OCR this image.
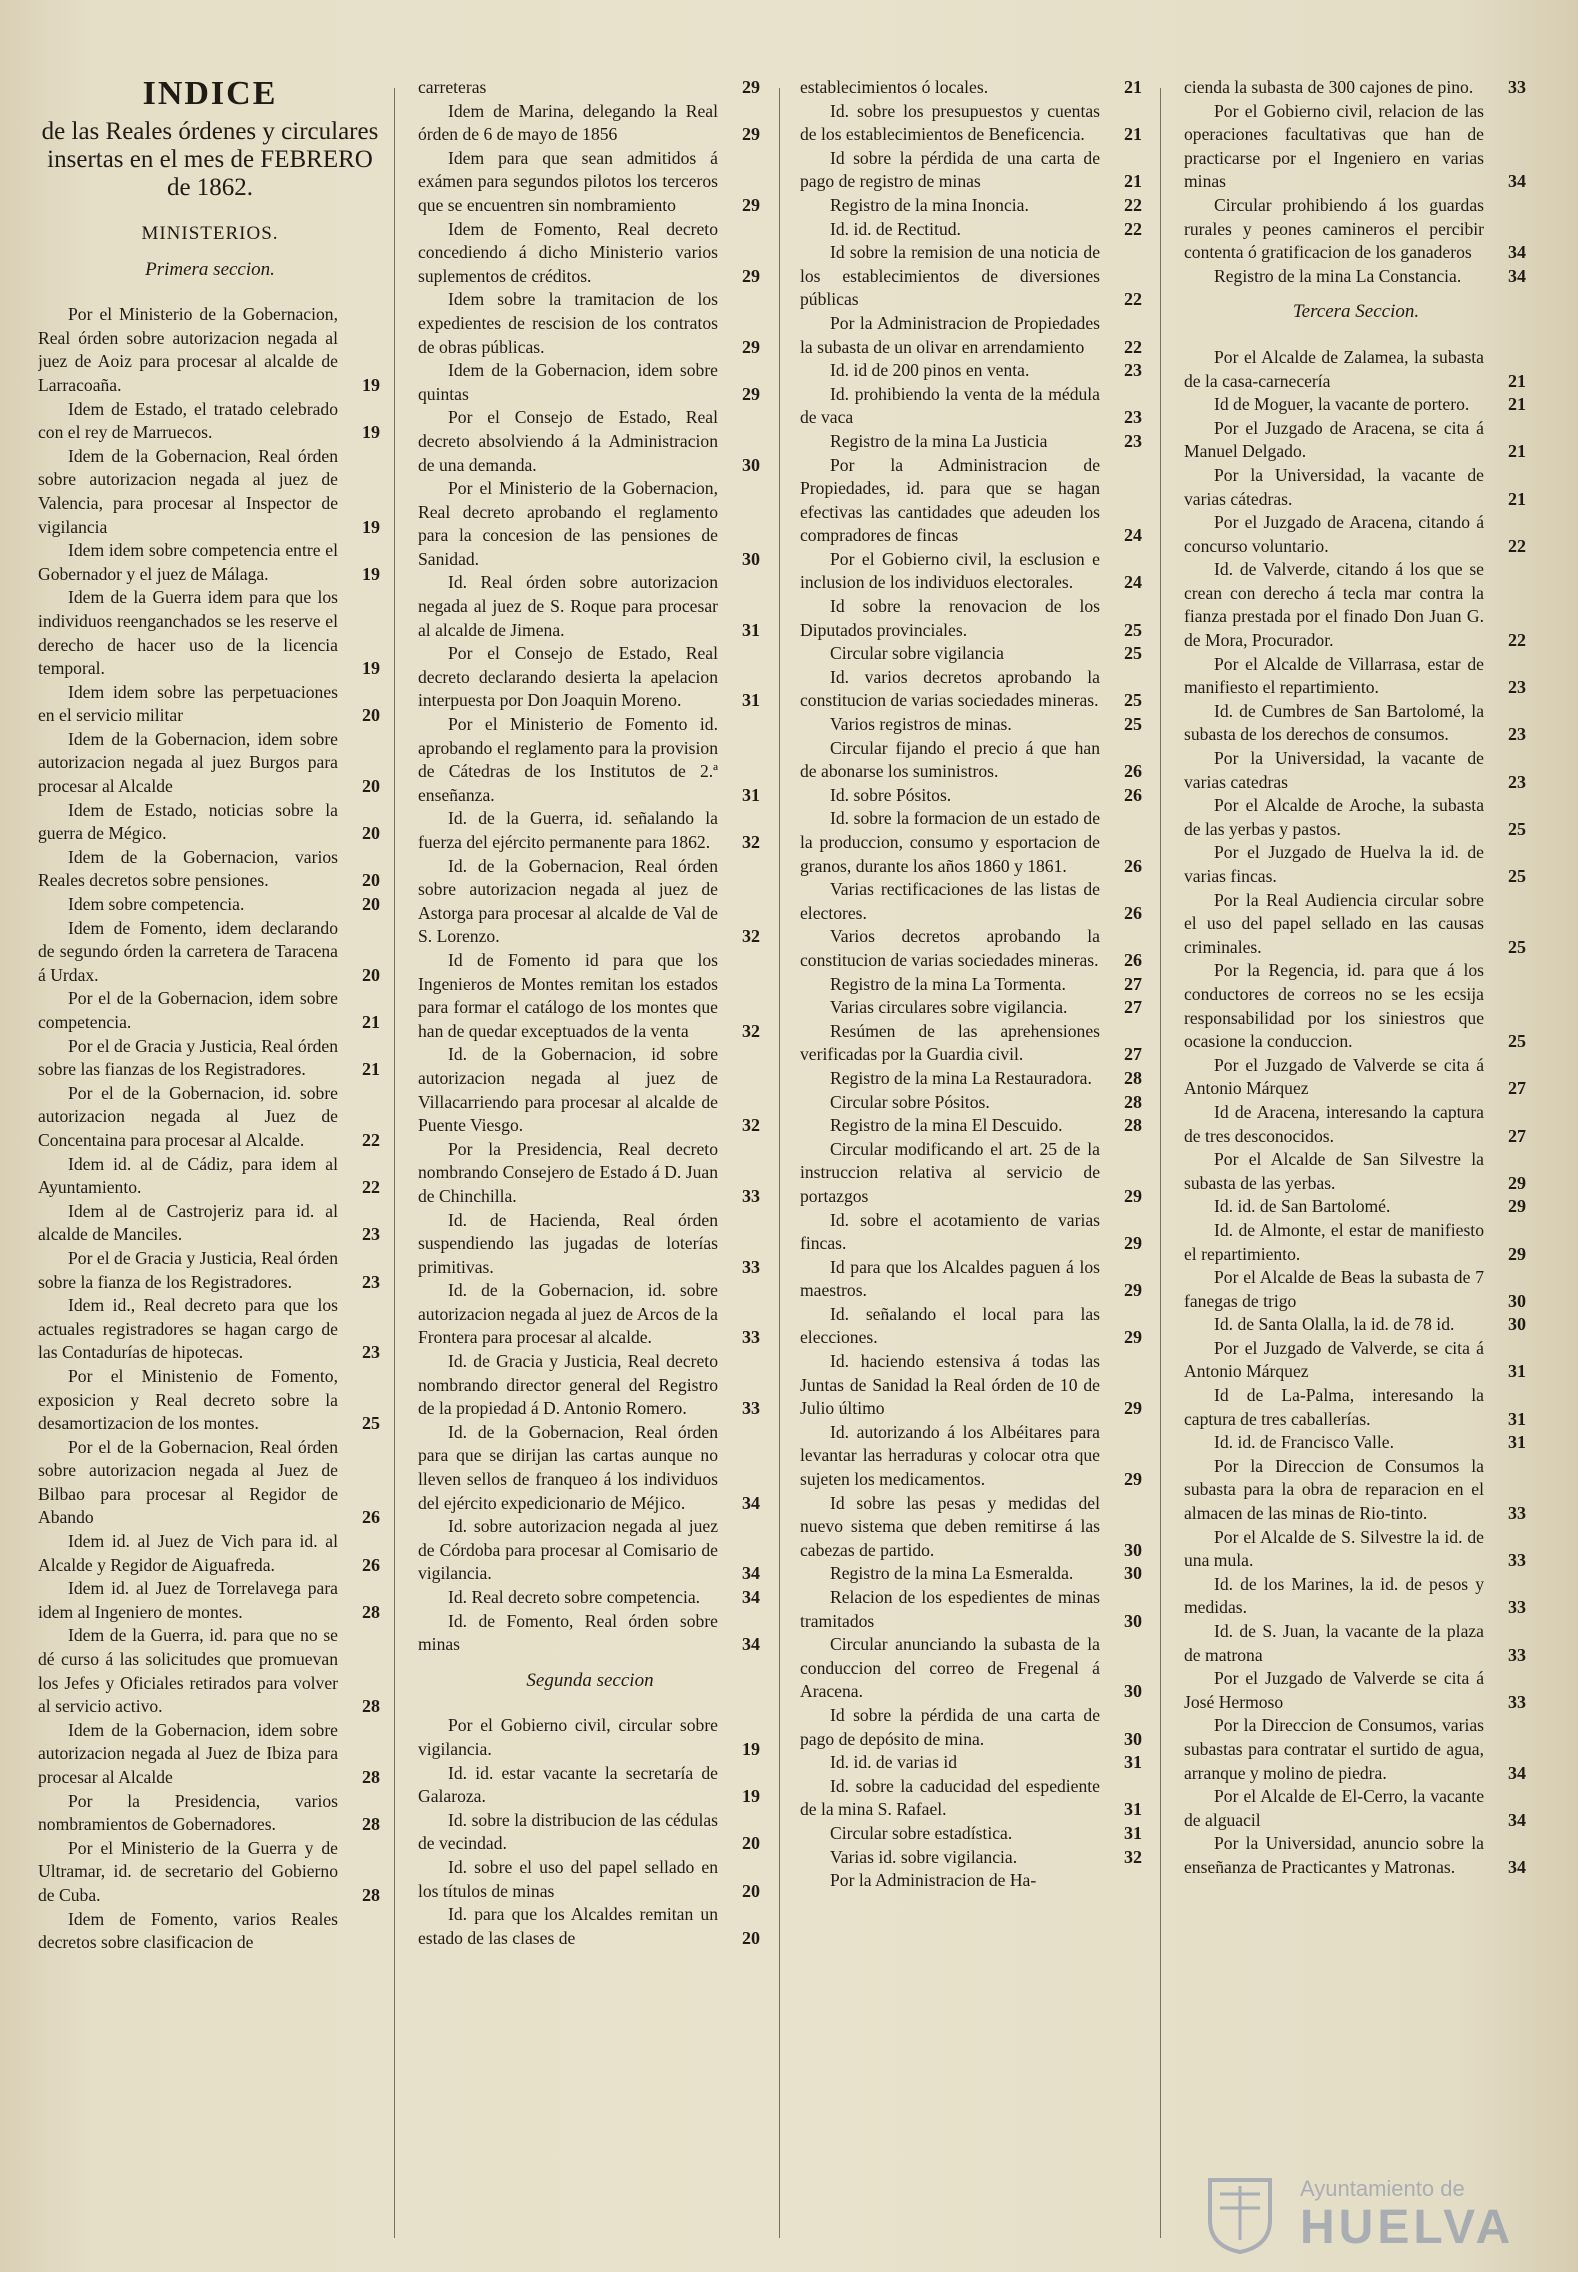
INDICE
de las Reales órdenes y circulares insertas en el mes de FEBRERO de 1862.
MINISTERIOS.
Primera seccion.
Por el Ministerio de la Gobernacion, Real órden sobre autorizacion negada al juez de Aoiz para procesar al alcalde de Larracoaña.	19
Idem de Estado, el tratado celebrado con el rey de Marruecos.	19
Idem de la Gobernacion, Real órden sobre autorizacion negada al juez de Valencia, para procesar al Inspector de vigilancia	19
Idem idem sobre competencia entre el Gobernador y el juez de Málaga.	19
Idem de la Guerra idem para que los individuos reenganchados se les reserve el derecho de hacer uso de la licencia temporal.	19
Idem idem sobre las perpetuaciones en el servicio militar	20
Idem de la Gobernacion, idem sobre autorizacion negada al juez Burgos para procesar al Alcalde	20
Idem de Estado, noticias sobre la guerra de Mégico.	20
Idem de la Gobernacion, varios Reales decretos sobre pensiones.	20
Idem sobre competencia.	20
Idem de Fomento, idem declarando de segundo órden la carretera de Taracena á Urdax.	20
Por el de la Gobernacion, idem sobre competencia.	21
Por el de Gracia y Justicia, Real órden sobre las fianzas de los Registradores.	21
Por el de la Gobernacion, id. sobre autorizacion negada al Juez de Concentaina para procesar al Alcalde.	22
Idem id. al de Cádiz, para idem al Ayuntamiento.	22
Idem al de Castrojeriz para id. al alcalde de Manciles.	23
Por el de Gracia y Justicia, Real órden sobre la fianza de los Registradores.	23
Idem id., Real decreto para que los actuales registradores se hagan cargo de las Contadurías de hipotecas.	23
Por el Ministenio de Fomento, exposicion y Real decreto sobre la desamortizacion de los montes.	25
Por el de la Gobernacion, Real órden sobre autorizacion negada al Juez de Bilbao para procesar al Regidor de Abando	26
Idem id. al Juez de Vich para id. al Alcalde y Regidor de Aiguafreda.	26
Idem id. al Juez de Torrelavega para idem al Ingeniero de montes.	28
Idem de la Guerra, id. para que no se dé curso á las solicitudes que promuevan los Jefes y Oficiales retirados para volver al servicio activo.	28
Idem de la Gobernacion, idem sobre autorizacion negada al Juez de Ibiza para procesar al Alcalde	28
Por la Presidencia, varios nombramientos de Gobernadores.	28
Por el Ministerio de la Guerra y de Ultramar, id. de secretario del Gobierno de Cuba.	28
Idem de Fomento, varios Reales decretos sobre clasificacion de
carreteras	29
Idem de Marina, delegando la Real órden de 6 de mayo de 1856	29
Idem para que sean admitidos á exámen para segundos pilotos los terceros que se encuentren sin nombramiento	29
Idem de Fomento, Real decreto concediendo á dicho Ministerio varios suplementos de créditos.	29
Idem sobre la tramitacion de los expedientes de rescision de los contratos de obras públicas.	29
Idem de la Gobernacion, idem sobre quintas	29
Por el Consejo de Estado, Real decreto absolviendo á la Administracion de una demanda.	30
Por el Ministerio de la Gobernacion, Real decreto aprobando el reglamento para la concesion de las pensiones de Sanidad.	30
Id. Real órden sobre autorizacion negada al juez de S. Roque para procesar al alcalde de Jimena.	31
Por el Consejo de Estado, Real decreto declarando desierta la apelacion interpuesta por Don Joaquin Moreno.	31
Por el Ministerio de Fomento id. aprobando el reglamento para la provision de Cátedras de los Institutos de 2.ª enseñanza.	31
Id. de la Guerra, id. señalando la fuerza del ejército permanente para 1862.	32
Id. de la Gobernacion, Real órden sobre autorizacion negada al juez de Astorga para procesar al alcalde de Val de S. Lorenzo.	32
Id de Fomento id para que los Ingenieros de Montes remitan los estados para formar el catálogo de los montes que han de quedar exceptuados de la venta	32
Id. de la Gobernacion, id sobre autorizacion negada al juez de Villacarriendo para procesar al alcalde de Puente Viesgo.	32
Por la Presidencia, Real decreto nombrando Consejero de Estado á D. Juan de Chinchilla.	33
Id. de Hacienda, Real órden suspendiendo las jugadas de loterías primitivas.	33
Id. de la Gobernacion, id. sobre autorizacion negada al juez de Arcos de la Frontera para procesar al alcalde.	33
Id. de Gracia y Justicia, Real decreto nombrando director general del Registro de la propiedad á D. Antonio Romero.	33
Id. de la Gobernacion, Real órden para que se dirijan las cartas aunque no lleven sellos de franqueo á los individuos del ejército expedicionario de Méjico.	34
Id. sobre autorizacion negada al juez de Córdoba para procesar al Comisario de vigilancia.	34
Id. Real decreto sobre competencia.	34
Id. de Fomento, Real órden sobre minas	34
Segunda seccion
Por el Gobierno civil, circular sobre vigilancia.	19
Id. id. estar vacante la secretaría de Galaroza.	19
Id. sobre la distribucion de las cédulas de vecindad.	20
Id. sobre el uso del papel sellado en los títulos de minas	20
Id. para que los Alcaldes remitan un estado de las clases de	20
establecimientos ó locales.	21
Id. sobre los presupuestos y cuentas de los establecimientos de Beneficencia.	21
Id sobre la pérdida de una carta de pago de registro de minas	21
Registro de la mina Inoncia.	22
Id. id. de Rectitud.	22
Id sobre la remision de una noticia de los establecimientos de diversiones públicas	22
Por la Administracion de Propiedades la subasta de un olivar en arrendamiento	22
Id. id de 200 pinos en venta.	23
Id. prohibiendo la venta de la médula de vaca	23
Registro de la mina La Justicia	23
Por la Administracion de Propiedades, id. para que se hagan efectivas las cantidades que adeuden los compradores de fincas	24
Por el Gobierno civil, la esclusion e inclusion de los individuos electorales.	24
Id sobre la renovacion de los Diputados provinciales.	25
Circular sobre vigilancia	25
Id. varios decretos aprobando la constitucion de varias sociedades mineras.	25
Varios registros de minas.	25
Circular fijando el precio á que han de abonarse los suministros.	26
Id. sobre Pósitos.	26
Id. sobre la formacion de un estado de la produccion, consumo y esportacion de granos, durante los años 1860 y 1861.	26
Varias rectificaciones de las listas de electores.	26
Varios decretos aprobando la constitucion de varias sociedades mineras.	26
Registro de la mina La Tormenta.	27
Varias circulares sobre vigilancia.	27
Resúmen de las aprehensiones verificadas por la Guardia civil.	27
Registro de la mina La Restauradora.	28
Circular sobre Pósitos.	28
Registro de la mina El Descuido.	28
Circular modificando el art. 25 de la instruccion relativa al servicio de portazgos	29
Id. sobre el acotamiento de varias fincas.	29
Id para que los Alcaldes paguen á los maestros.	29
Id. señalando el local para las elecciones.	29
Id. haciendo estensiva á todas las Juntas de Sanidad la Real órden de 10 de Julio último	29
Id. autorizando á los Albéitares para levantar las herraduras y colocar otra que sujeten los medicamentos.	29
Id sobre las pesas y medidas del nuevo sistema que deben remitirse á las cabezas de partido.	30
Registro de la mina La Esmeralda.	30
Relacion de los espedientes de minas tramitados	30
Circular anunciando la subasta de la conduccion del correo de Fregenal á Aracena.	30
Id sobre la pérdida de una carta de pago de depósito de mina.	30
Id. id. de varias id	31
Id. sobre la caducidad del espediente de la mina S. Rafael.	31
Circular sobre estadística.	31
Varias id. sobre vigilancia.	32
Por la Administracion de Ha-
cienda la subasta de 300 cajones de pino.	33
Por el Gobierno civil, relacion de las operaciones facultativas que han de practicarse por el Ingeniero en varias minas	34
Circular prohibiendo á los guardas rurales y peones camineros el percibir contenta ó gratificacion de los ganaderos	34
Registro de la mina La Constancia.	34
Tercera Seccion.
Por el Alcalde de Zalamea, la subasta de la casa-carnecería	21
Id de Moguer, la vacante de portero.	21
Por el Juzgado de Aracena, se cita á Manuel Delgado.	21
Por la Universidad, la vacante de varias cátedras.	21
Por el Juzgado de Aracena, citando á concurso voluntario.	22
Id. de Valverde, citando á los que se crean con derecho á tecla mar contra la fianza prestada por el finado Don Juan G. de Mora, Procurador.	22
Por el Alcalde de Villarrasa, estar de manifiesto el repartimiento.	23
Id. de Cumbres de San Bartolomé, la subasta de los derechos de consumos.	23
Por la Universidad, la vacante de varias catedras	23
Por el Alcalde de Aroche, la subasta de las yerbas y pastos.	25
Por el Juzgado de Huelva la id. de varias fincas.	25
Por la Real Audiencia circular sobre el uso del papel sellado en las causas criminales.	25
Por la Regencia, id. para que á los conductores de correos no se les ecsija responsabilidad por los siniestros que ocasione la conduccion.	25
Por el Juzgado de Valverde se cita á Antonio Márquez	27
Id de Aracena, interesando la captura de tres desconocidos.	27
Por el Alcalde de San Silvestre la subasta de las yerbas.	29
Id. id. de San Bartolomé.	29
Id. de Almonte, el estar de manifiesto el repartimiento.	29
Por el Alcalde de Beas la subasta de 7 fanegas de trigo	30
Id. de Santa Olalla, la id. de 78 id.	30
Por el Juzgado de Valverde, se cita á Antonio Márquez	31
Id de La-Palma, interesando la captura de tres caballerías.	31
Id. id. de Francisco Valle.	31
Por la Direccion de Consumos la subasta para la obra de reparacion en el almacen de las minas de Rio-tinto.	33
Por el Alcalde de S. Silvestre la id. de una mula.	33
Id. de los Marines, la id. de pesos y medidas.	33
Id. de S. Juan, la vacante de la plaza de matrona	33
Por el Juzgado de Valverde se cita á José Hermoso	33
Por la Direccion de Consumos, varias subastas para contratar el surtido de agua, arranque y molino de piedra.	34
Por el Alcalde de El-Cerro, la vacante de alguacil	34
Por la Universidad, anuncio sobre la enseñanza de Practicantes y Matronas.	34
Ayuntamiento de
HUELVA
